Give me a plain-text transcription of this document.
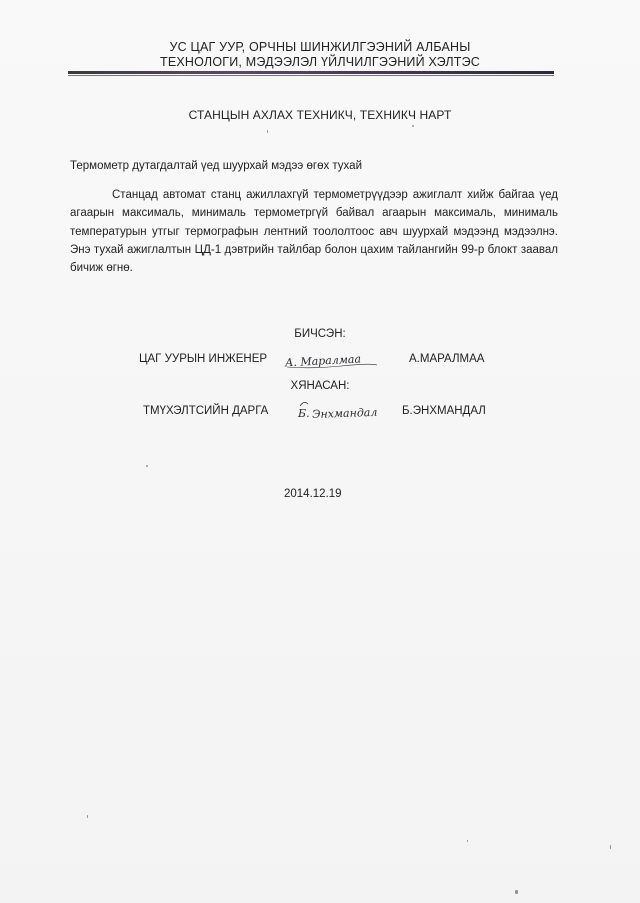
УС ЦАГ УУР, ОРЧНЫ ШИНЖИЛГЭЭНИЙ АЛБАНЫ
ТЕХНОЛОГИ, МЭДЭЭЛЭЛ ҮЙЛЧИЛГЭЭНИЙ ХЭЛТЭС
СТАНЦЫН АХЛАХ ТЕХНИКЧ, ТЕХНИКЧ НАРТ
Термометр дутагдалтай үед шуурхай мэдээ өгөх тухай

Станцад автомат станц ажиллахгүй термометрүүдээр ажиглалт хийж байгаа үед агаарын максималь, минималь термометргүй байвал агаарын максималь, минималь температурын утгыг термографын лентний тоололтоос авч шуурхай мэдээнд мэдээлнэ. Энэ тухай ажиглалтын ЦД-1 дэвтрийн тайлбар болон цахим тайлангийн 99-р блокт заавал бичиж өгнө.

БИЧСЭН:
ЦАГ УУРЫН ИНЖЕНЕР А. Маралмаа	А.МАРАЛМАА
ХЯНАСАН:
ТМҮХЭЛТСИЙН ДАРГА	Б. Энхмандал Б.ЭНХМАНДАЛ
2014.12.19
